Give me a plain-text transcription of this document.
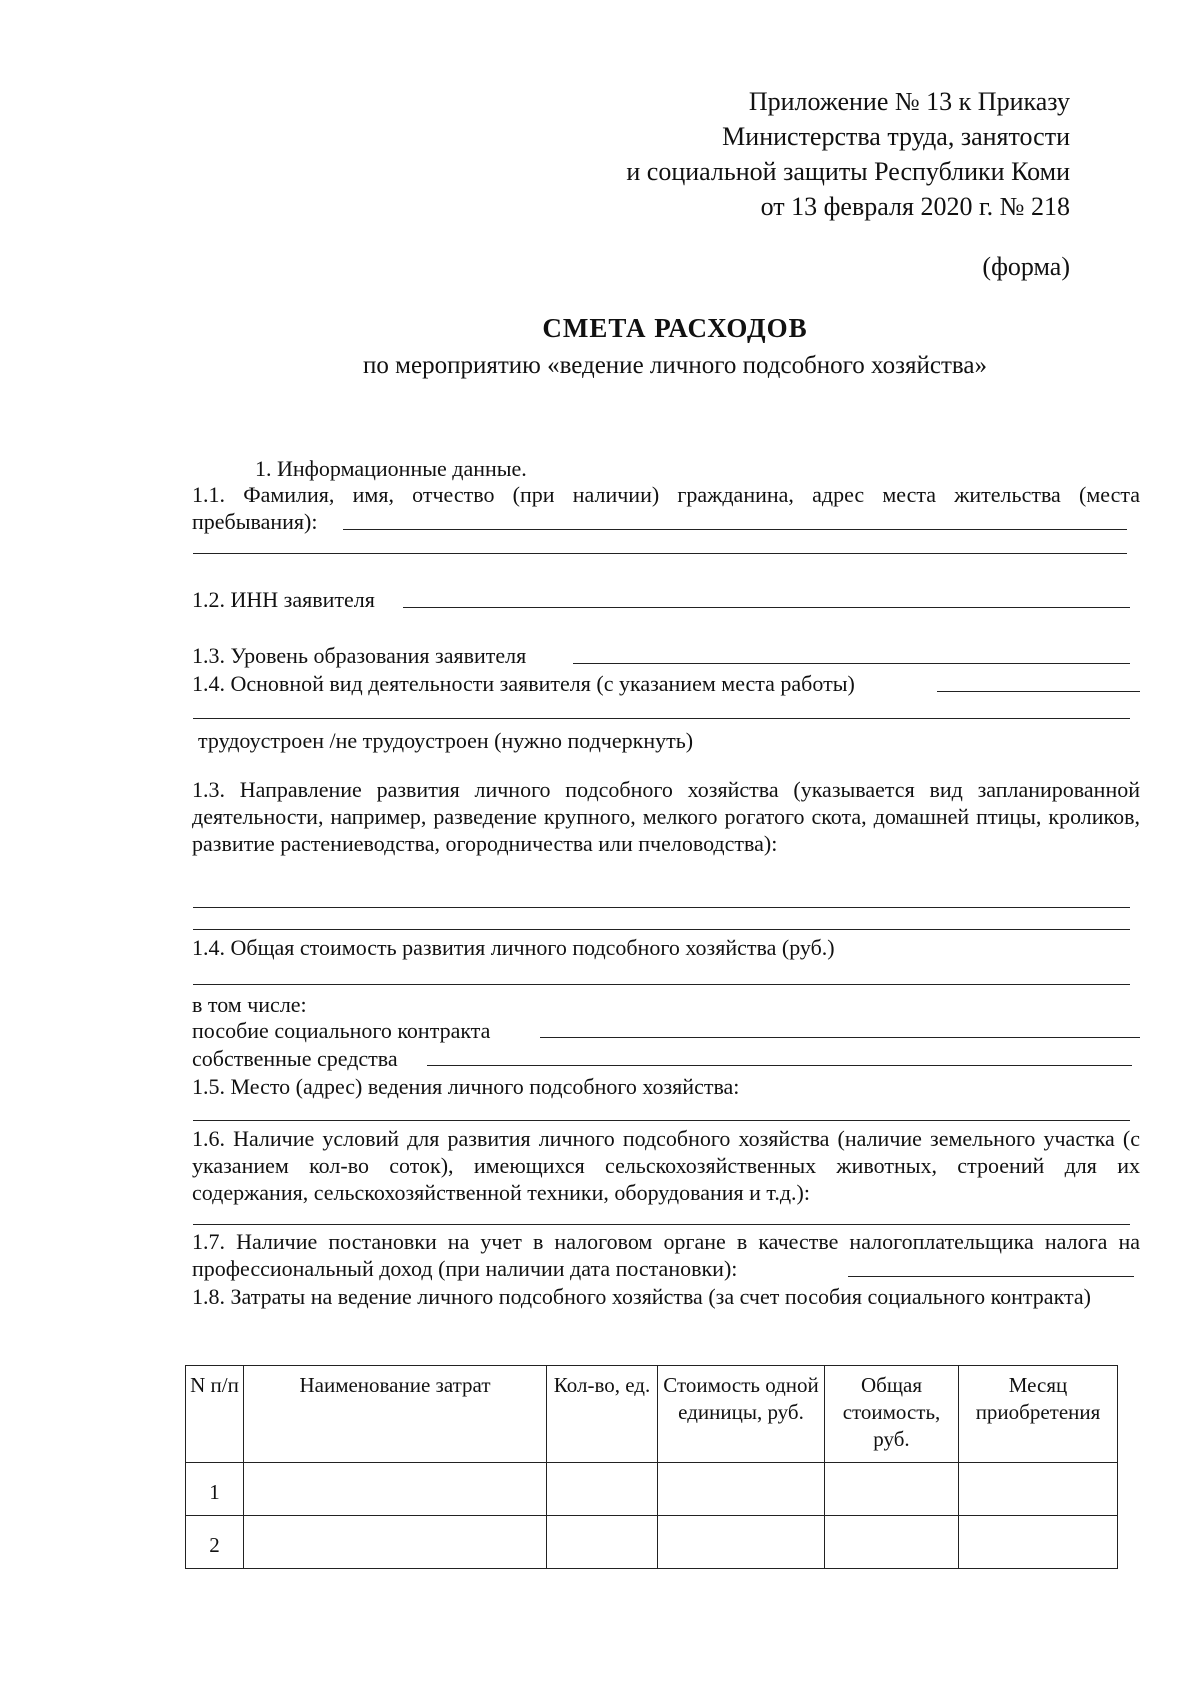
Приложение № 13 к Приказу
Министерства труда, занятости
и социальной защиты Республики Коми
от 13 февраля 2020 г. № 218
(форма)
СМЕТА РАСХОДОВ
по мероприятию «ведение личного подсобного хозяйства»
1. Информационные данные.
1.1. Фамилия, имя, отчество (при наличии) гражданина, адрес места жительства (места пребывания):
1.2. ИНН заявителя
1.3. Уровень образования заявителя
1.4. Основной вид деятельности заявителя (с указанием места работы)
трудоустроен /не трудоустроен (нужно подчеркнуть)
1.3. Направление развития личного подсобного хозяйства (указывается вид запланированной деятельности, например, разведение крупного, мелкого рогатого скота, домашней птицы, кроликов, развитие растениеводства, огородничества или пчеловодства):
1.4. Общая стоимость развития личного подсобного хозяйства (руб.)
в том числе:
пособие социального контракта
собственные средства
1.5. Место (адрес) ведения личного подсобного хозяйства:
1.6. Наличие условий для развития личного подсобного хозяйства (наличие земельного участка (с указанием кол-во соток), имеющихся сельскохозяйственных животных, строений для их содержания, сельскохозяйственной техники, оборудования и т.д.):
1.7. Наличие постановки на учет в налоговом органе в качестве налогоплательщика налога на профессиональный доход (при наличии дата постановки):
1.8. Затраты на ведение личного подсобного хозяйства (за счет пособия социального контракта)
N п/п	Наименование затрат	Кол-во, ед.	Стоимость одной единицы, руб.	Общая стоимость, руб.	Месяц приобретения
1					
2					
